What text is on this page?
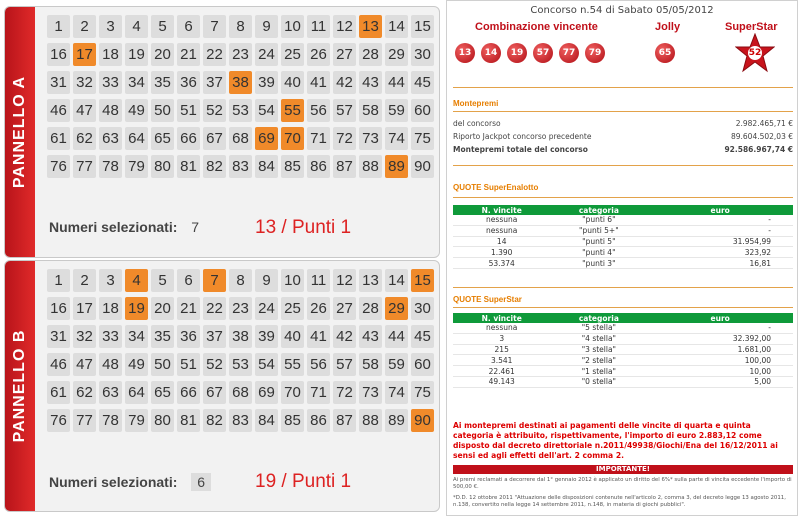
PANNELLO A
1	2	3	4	5	6	7	8	9 10 11 12 13 14 15
16 17 18 19 20 21 22 23 24 25 26 27 28 29 30
31 32 33 34 35 36 37 38 39 40 41 42 43 44 45
46 47 48 49 50 51 52 53 54 55 56 57 58 59 60
61 62 63 64 65 66 67 68 69 70 71 72 73 74 75
76 77 78 79 80 81 82 83 84 85 86 87 88 89 90
Numeri selezionati: 7	13 / Punti 1
PANNELLO B
1	2	3	4	5	6	7	8	9 10 11 12 13 14 15
16 17 18 19 20 21 22 23 24 25 26 27 28 29 30
31 32 33 34 35 36 37 38 39 40 41 42 43 44 45
46 47 48 49 50 51 52 53 54 55 56 57 58 59 60
61 62 63 64 65 66 67 68 69 70 71 72 73 74 75
76 77 78 79 80 81 82 83 84 85 86 87 88 89 90
Numeri selezionati: 6	19 / Punti 1
Concorso n.54 di Sabato 05/05/2012
Combinazione vincente	Jolly	SuperStar
13	14	19	57	77	79	65	52
Montepremi
del concorso	2.982.465,71 €
Riporto Jackpot concorso precedente	89.604.502,03 €
Montepremi totale del concorso	92.586.967,74 €
QUOTE SuperEnalotto
N. vincite	categoria	euro
nessuna	"punti 6"	-
nessuna	"punti 5+"	-
14	"punti 5"	31.954,99
1.390	"punti 4"	323,92
53.374	"punti 3"	16,81
QUOTE SuperStar
N. vincite	categoria	euro
nessuna	"5 stella"	-
3	"4 stella"	32.392,00
215	"3 stella"	1.681,00
3.541	"2 stella"	100,00
22.461	"1 stella"	10,00
49.143	"0 stella"	5,00
Ai montepremi destinati ai pagamenti delle vincite di quarta e quinta categoria è attribuito, rispettivamente, l'importo di euro 2.883,12 come disposto dal decreto direttoriale n.2011/49938/Giochi/Ena del 16/12/2011 ai sensi ed agli effetti dell'art. 2 comma 2.
IMPORTANTE!
Ai premi reclamati a decorrere dal 1° gennaio 2012 è applicato un diritto del 6%* sulla parte di vincita eccedente l'importo di 500,00 €.
*D.D. 12 ottobre 2011 "Attuazione delle disposizioni contenute nell'articolo 2, comma 3, del decreto legge 13 agosto 2011, n.138, convertito nella legge 14 settembre 2011, n.148, in materia di giochi pubblici".
